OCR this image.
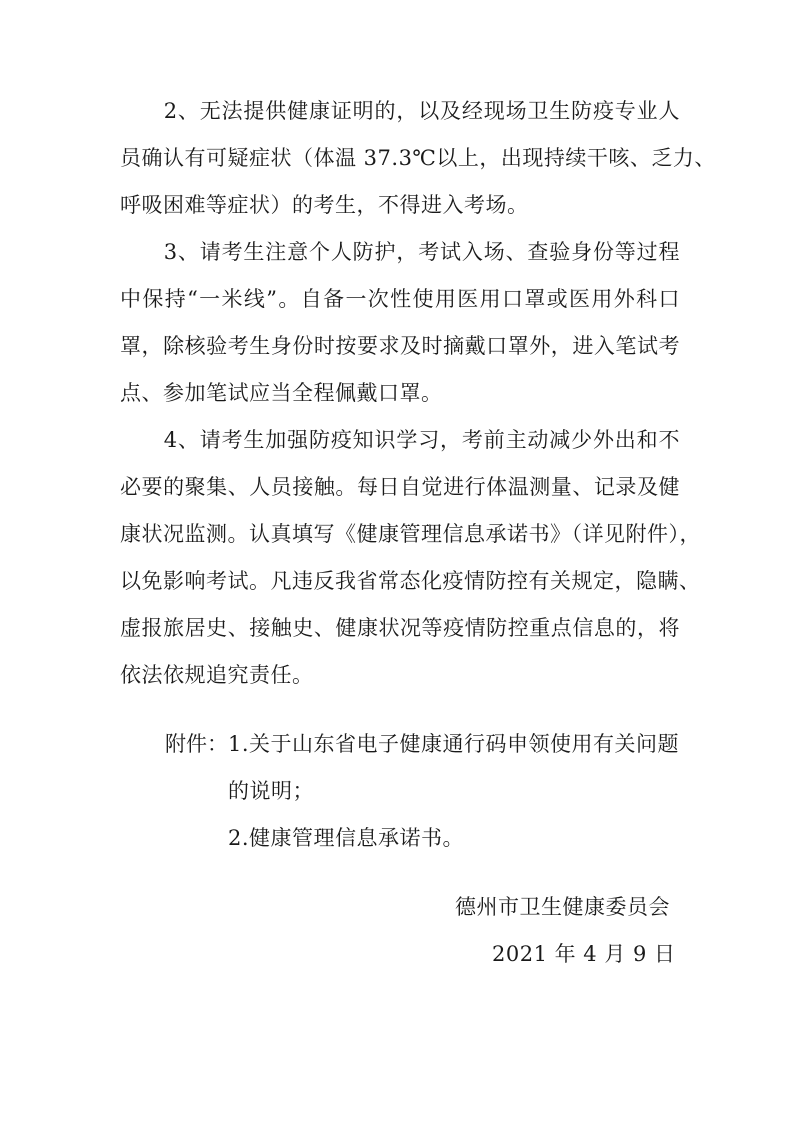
　　2、无法提供健康证明的，以及经现场卫生防疫专业人
员确认有可疑症状（体温 37.3℃以上，出现持续干咳、乏力、
呼吸困难等症状）的考生，不得进入考场。
　　3、请考生注意个人防护，考试入场、查验身份等过程
中保持“一米线”。自备一次性使用医用口罩或医用外科口
罩，除核验考生身份时按要求及时摘戴口罩外，进入笔试考
点、参加笔试应当全程佩戴口罩。
　　4、请考生加强防疫知识学习，考前主动减少外出和不
必要的聚集、人员接触。每日自觉进行体温测量、记录及健
康状况监测。认真填写《健康管理信息承诺书》（详见附件），
以免影响考试。凡违反我省常态化疫情防控有关规定，隐瞒、
虚报旅居史、接触史、健康状况等疫情防控重点信息的，将
依法依规追究责任。
附件： 1.关于山东省电子健康通行码申领使用有关问题
的说明；
2.健康管理信息承诺书。
德州市卫生健康委员会
2021 年 4 月 9 日
